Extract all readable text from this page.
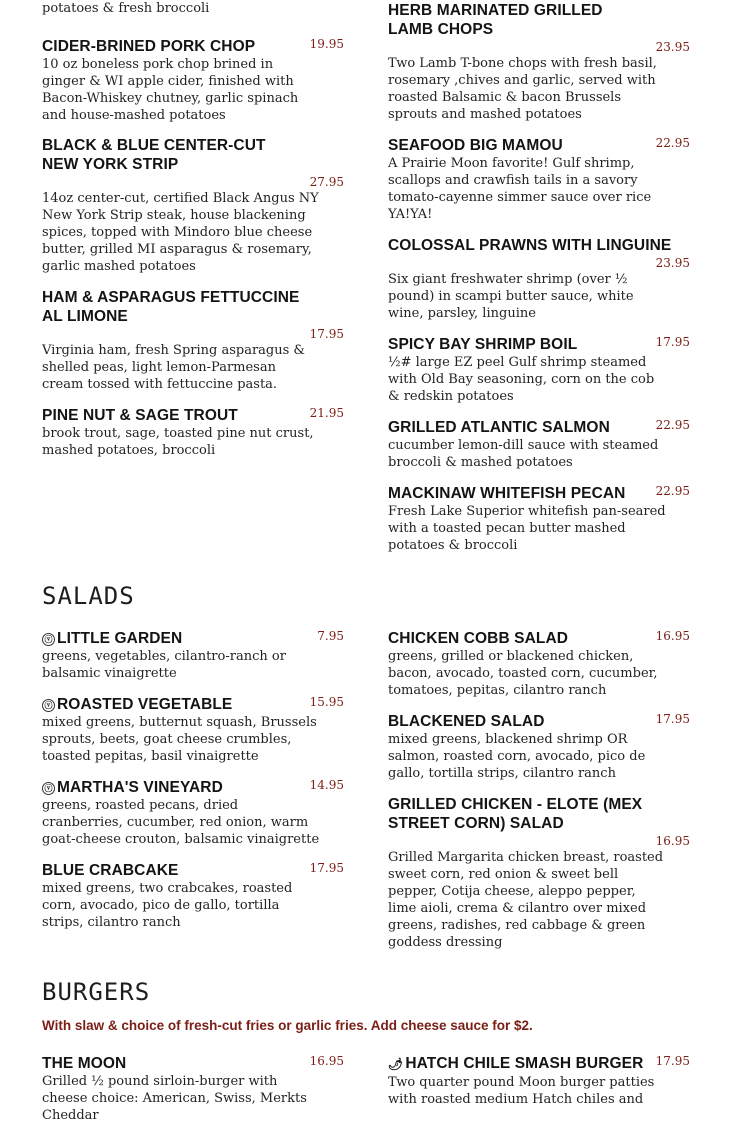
potatoes & fresh broccoli
CIDER-BRINED PORK CHOP	19.95
10 oz boneless pork chop brined in ginger & WI apple cider, finished with Bacon-Whiskey chutney, garlic spinach and house-mashed potatoes
BLACK & BLUE CENTER-CUT NEW YORK STRIP
27.95
14oz center-cut, certified Black Angus NY New York Strip steak, house blackening spices, topped with Mindoro blue cheese butter, grilled MI asparagus & rosemary, garlic mashed potatoes
HAM & ASPARAGUS FETTUCCINE AL LIMONE
17.95
Virginia ham, fresh Spring asparagus & shelled peas, light lemon-Parmesan cream tossed with fettuccine pasta.
PINE NUT & SAGE TROUT	21.95
brook trout, sage, toasted pine nut crust, mashed potatoes, broccoli
HERB MARINATED GRILLED LAMB CHOPS
23.95
Two Lamb T-bone chops with fresh basil, rosemary ,chives and garlic, served with roasted Balsamic & bacon Brussels sprouts and mashed potatoes
SEAFOOD BIG MAMOU	22.95
A Prairie Moon favorite! Gulf shrimp, scallops and crawfish tails in a savory tomato-cayenne simmer sauce over rice YA!YA!
COLOSSAL PRAWNS WITH LINGUINE
23.95
Six giant freshwater shrimp (over ½ pound) in scampi butter sauce, white wine, parsley, linguine
SPICY BAY SHRIMP BOIL	17.95
½# large EZ peel Gulf shrimp steamed with Old Bay seasoning, corn on the cob & redskin potatoes
GRILLED ATLANTIC SALMON	22.95
cucumber lemon-dill sauce with steamed broccoli & mashed potatoes
MACKINAW WHITEFISH PECAN	22.95
Fresh Lake Superior whitefish pan-seared with a toasted pecan butter mashed potatoes & broccoli
SALADS
ⓥ LITTLE GARDEN	7.95
greens, vegetables, cilantro-ranch or balsamic vinaigrette
ⓥ ROASTED VEGETABLE	15.95
mixed greens, butternut squash, Brussels sprouts, beets, goat cheese crumbles, toasted pepitas, basil vinaigrette
ⓥ MARTHA'S VINEYARD	14.95
greens, roasted pecans, dried cranberries, cucumber, red onion, warm goat-cheese crouton, balsamic vinaigrette
BLUE CRABCAKE	17.95
mixed greens, two crabcakes, roasted corn, avocado, pico de gallo, tortilla strips, cilantro ranch
CHICKEN COBB SALAD	16.95
greens, grilled or blackened chicken, bacon, avocado, toasted corn, cucumber, tomatoes, pepitas, cilantro ranch
BLACKENED SALAD	17.95
mixed greens, blackened shrimp OR salmon, roasted corn, avocado, pico de gallo, tortilla strips, cilantro ranch
GRILLED CHICKEN - ELOTE (MEX STREET CORN) SALAD
16.95
Grilled Margarita chicken breast, roasted sweet corn, red onion & sweet bell pepper, Cotija cheese, aleppo pepper, lime aioli, crema & cilantro over mixed greens, radishes, red cabbage & green goddess dressing
BURGERS
With slaw & choice of fresh-cut fries or garlic fries. Add cheese sauce for $2.
THE MOON	16.95
Grilled ½ pound sirloin-burger with cheese choice: American, Swiss, Merkts Cheddar
🌶 HATCH CHILE SMASH BURGER	17.95
Two quarter pound Moon burger patties with roasted medium Hatch chiles and
